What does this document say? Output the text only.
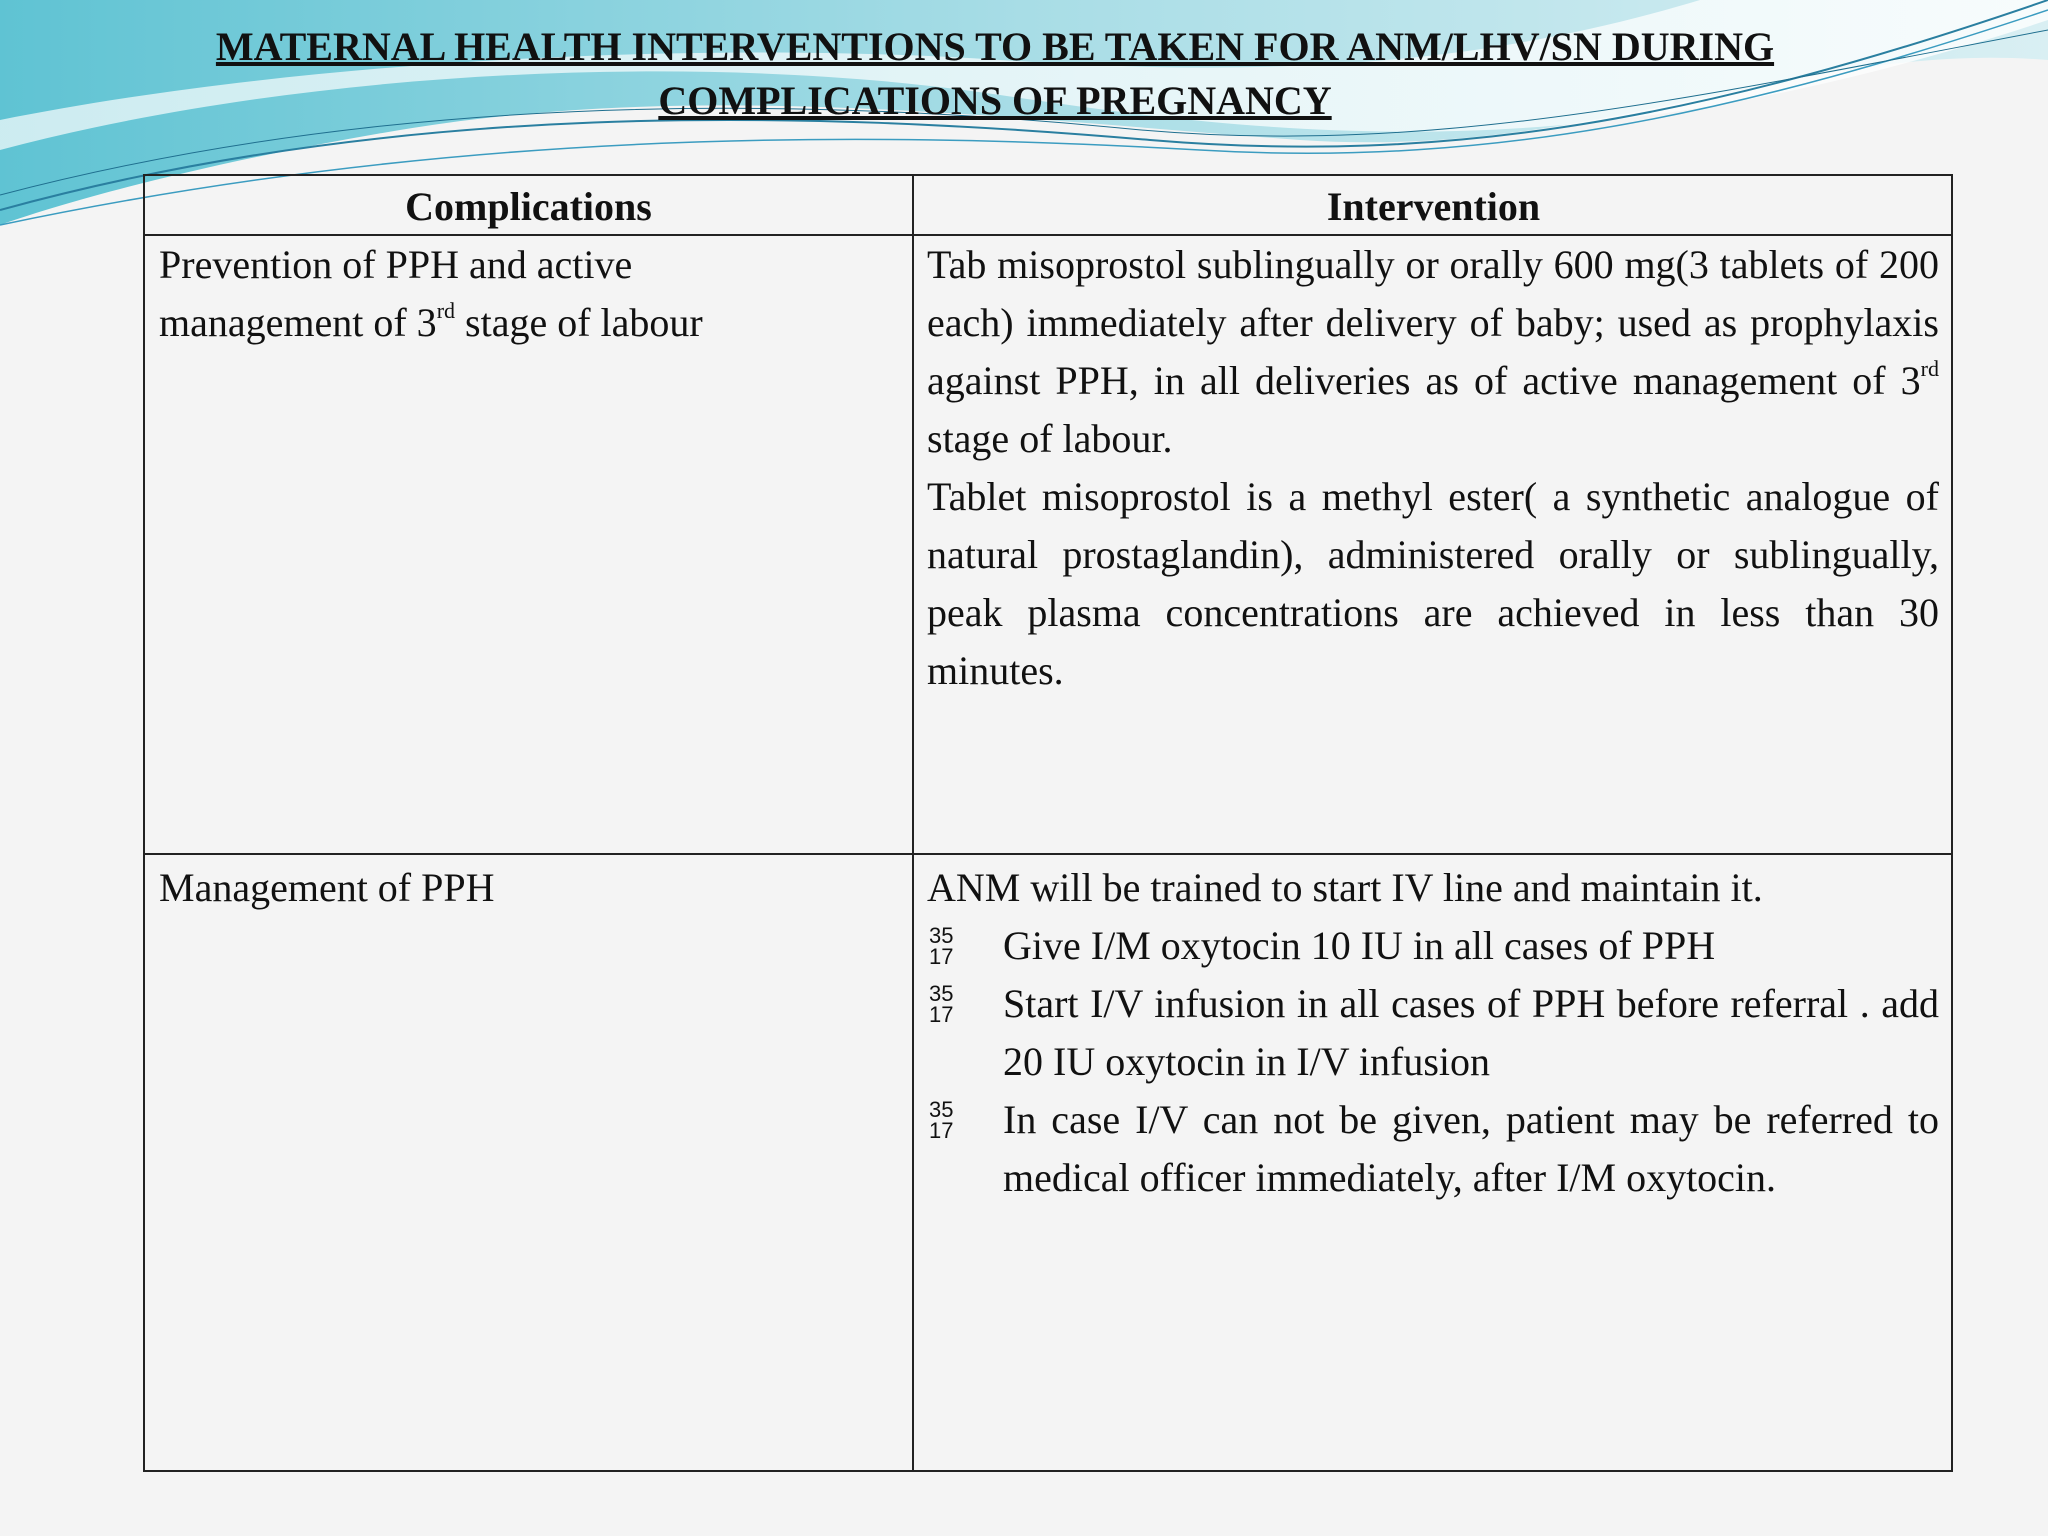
MATERNAL HEALTH INTERVENTIONS TO BE TAKEN FOR ANM/LHV/SN DURING
COMPLICATIONS OF PREGNANCY
Complications	Intervention
Prevention of PPH and active
management of 3rd stage of labour
Tab misoprostol sublingually or orally 600 mg(3 tablets of 200 each) immediately after delivery of baby; used as prophylaxis against PPH, in all deliveries as of active management of 3rd stage of labour.
Tablet misoprostol is a methyl ester( a synthetic analogue of natural prostaglandin), administered orally or sublingually, peak plasma concentrations are achieved in less than 30 minutes.
Management of PPH	ANM will be trained to start IV line and maintain it.
35
17 Give I/M oxytocin 10 IU in all cases of PPH
35
17 Start I/V infusion in all cases of PPH before referral . add 20 IU oxytocin in I/V infusion
35
17 In case I/V can not be given, patient may be referred to medical officer immediately, after I/M oxytocin.
